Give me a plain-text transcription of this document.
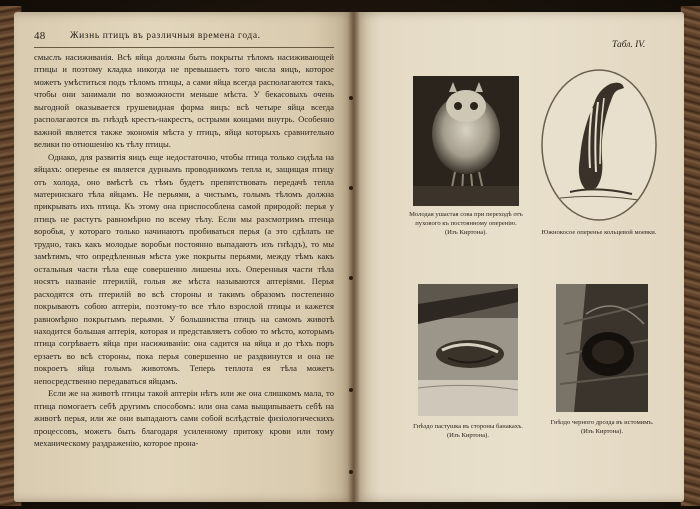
48	Жизнь птицъ въ различныя времена года.

смыслъ насиживанія. Всѣ яйца должны быть покрыты тѣломъ насиживающей птицы и поэтому кладка никогда не превышаетъ того числа яицъ, которое можетъ умѣститься подъ тѣломъ птицы, а сами яйца всегда располагаются такъ, чтобы они занимали по возможности меньше мѣста. У бекасовыхъ очень выгодной оказывается грушевидная форма яицъ: всѣ четыре яйца всегда располагаются въ гнѣздѣ крестъ-накрестъ, острыми концами внутрь. Особенно важной является также экономія мѣста у птицъ, яйца которыхъ сравнительно велики по отношенію къ тѣлу птицы.

Однако, для развитія яицъ еще недостаточно, чтобы птица только сидѣла на яйцахъ: оперенье ея является дурнымъ проводникомъ тепла и, защищая птицу отъ холода, оно вмѣстѣ съ тѣмъ будетъ препятствовать передачѣ тепла материнскаго тѣла яйцамъ. Не перьями, а чистымъ, голымъ тѣломъ должна прикрывать ихъ птица. Къ этому она приспособлена самой природой: перья у птицъ не растутъ равномѣрно по всему тѣлу. Если мы разсмотримъ птенца воробья, у котораго только начинаютъ пробиваться перья (а это сдѣлать не трудно, такъ какъ молодые воробьи постоянно выпадаютъ изъ гнѣздъ), то мы замѣтимъ, что опредѣленныя мѣста уже покрыты перьями, между тѣмъ какъ остальныя части тѣла еще совершенно лишены ихъ. Оперенныя части тѣла носятъ названіе птерилій, голыя же мѣста называются аптеріями. Перья расходятся отъ птерилій во всѣ стороны и такимъ образомъ постепенно покрываютъ собою аптеріи, поэтому-то все тѣло взрослой птицы и кажется равномѣрно покрытымъ перьями. У большинства птицъ на самомъ животѣ находится большая аптерія, которая и представляетъ собою то мѣсто, которымъ птица согрѣваетъ яйца при насиживаніи: она садится на яйца и до тѣхъ поръ ерзаетъ во всѣ стороны, пока перья совершенно не раздвинутся и она не покроетъ яйца голымъ животомъ. Теперь теплота ея тѣла можетъ непосредственно передаваться яйцамъ.

Если же на животѣ птицы такой аптеріи нѣтъ или же она слишкомъ мала, то птица помогаетъ себѣ другимъ способомъ: или она сама выщипываетъ себѣ на животѣ перья, или же они выпадаютъ сами собой вслѣдствіе физіологическихъ процессовъ, можетъ быть благодаря усиленному притоку крови или тому механическому раздраженію, которое прона-

Табл. IV.
Молодая ушастая сова при переходѣ отъ пухового къ постоянному оперенію.
(Изъ Киртона).	Южнокосое оперенье кольцевой моевки.
Гнѣздо пастушка въ стороны банакахъ.
(Изъ Киртона).
Гнѣздо черного дрозда въ истомимъ.
(Изъ Киртона).
